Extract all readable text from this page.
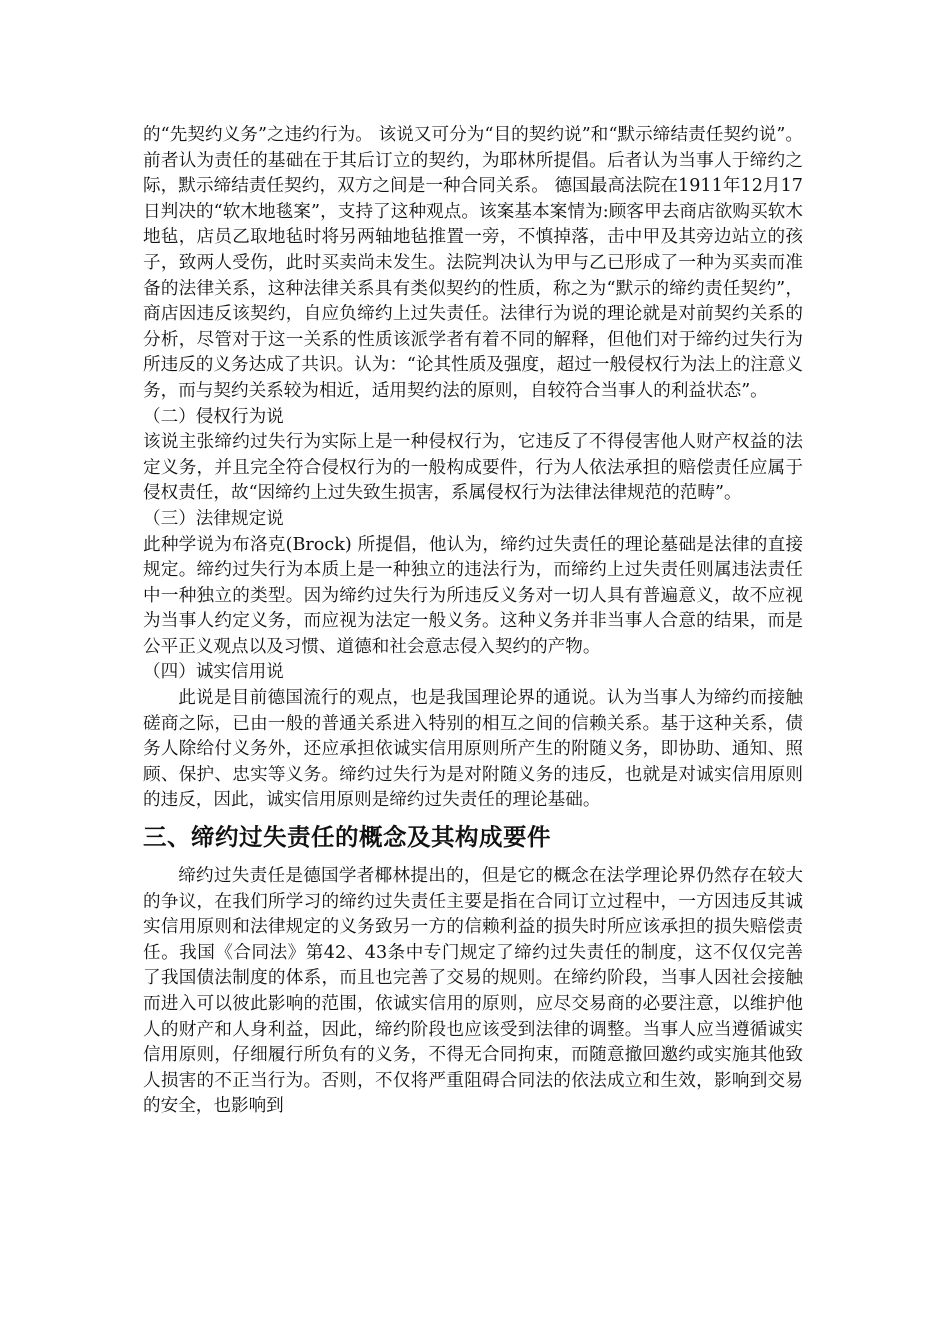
的“先契约义务”之违约行为。 该说又可分为“目的契约说”和“默示缔结责任契约说”。前者认为责任的基础在于其后订立的契约，为耶林所提倡。后者认为当事人于缔约之际，默示缔结责任契约，双方之间是一种合同关系。 德国最高法院在1911年12月17日判决的“软木地毯案”，支持了这种观点。该案基本案情为:顾客甲去商店欲购买软木地毡，店员乙取地毡时将另两轴地毡推置一旁，不慎掉落，击中甲及其旁边站立的孩子，致两人受伤，此时买卖尚未发生。法院判决认为甲与乙已形成了一种为买卖而准备的法律关系，这种法律关系具有类似契约的性质，称之为“默示的缔约责任契约”，商店因违反该契约，自应负缔约上过失责任。法律行为说的理论就是对前契约关系的分析，尽管对于这一关系的性质该派学者有着不同的解释，但他们对于缔约过失行为所违反的义务达成了共识。认为：“论其性质及强度，超过一般侵权行为法上的注意义务，而与契约关系较为相近，适用契约法的原则，自较符合当事人的利益状态”。

（二）侵权行为说

该说主张缔约过失行为实际上是一种侵权行为，它违反了不得侵害他人财产权益的法定义务，并且完全符合侵权行为的一般构成要件，行为人依法承担的赔偿责任应属于侵权责任，故“因缔约上过失致生损害，系属侵权行为法律法律规范的范畴”。

（三）法律规定说

此种学说为布洛克(Brock) 所提倡，他认为，缔约过失责任的理论墓础是法律的直接规定。缔约过失行为本质上是一种独立的违法行为，而缔约上过失责任则属违法责任中一种独立的类型。因为缔约过失行为所违反义务对一切人具有普遍意义，故不应视为当事人约定义务，而应视为法定一般义务。这种义务并非当事人合意的结果，而是公平正义观点以及习惯、道德和社会意志侵入契约的产物。

（四）诚实信用说

此说是目前德国流行的观点，也是我国理论界的通说。认为当事人为缔约而接触磋商之际，已由一般的普通关系进入特别的相互之间的信赖关系。基于这种关系，债务人除给付义务外，还应承担依诚实信用原则所产生的附随义务，即协助、通知、照顾、保护、忠实等义务。缔约过失行为是对附随义务的违反，也就是对诚实信用原则的违反，因此，诚实信用原则是缔约过失责任的理论基础。

三、缔约过失责任的概念及其构成要件

缔约过失责任是德国学者椰林提出的，但是它的概念在法学理论界仍然存在较大的争议，在我们所学习的缔约过失责任主要是指在合同订立过程中，一方因违反其诚实信用原则和法律规定的义务致另一方的信赖利益的损失时所应该承担的损失赔偿责任。我国《合同法》第42、43条中专门规定了缔约过失责任的制度，这不仅仅完善了我国债法制度的体系，而且也完善了交易的规则。在缔约阶段，当事人因社会接触而进入可以彼此影响的范围，依诚实信用的原则，应尽交易商的必要注意，以维护他人的财产和人身利益，因此，缔约阶段也应该受到法律的调整。当事人应当遵循诚实信用原则，仔细履行所负有的义务，不得无合同拘束，而随意撤回邀约或实施其他致人损害的不正当行为。否则，不仅将严重阻碍合同法的依法成立和生效，影响到交易的安全，也影响到
